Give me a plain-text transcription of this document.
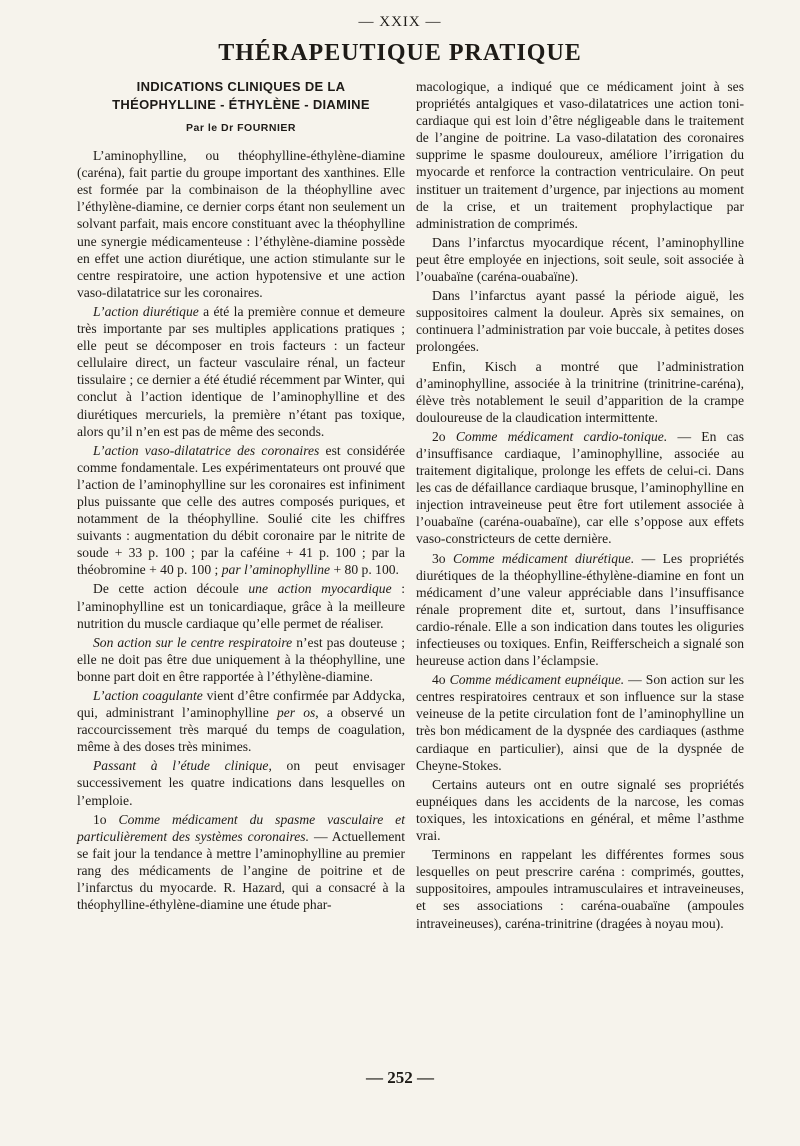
— XXIX —
THÉRAPEUTIQUE PRATIQUE
INDICATIONS CLINIQUES DE LA
THÉOPHYLLINE - ÉTHYLÈNE - DIAMINE
Par le Dr FOURNIER

L’aminophylline, ou théophylline-éthylène-diamine (caréna), fait partie du groupe important des xanthines. Elle est formée par la combinaison de la théophylline avec l’éthylène-diamine, ce dernier corps étant non seulement un solvant parfait, mais encore constituant avec la théophylline une synergie médicamenteuse : l’éthylène-diamine possède en effet une action diurétique, une action stimulante sur le centre respiratoire, une action hypotensive et une action vaso-dilatatrice sur les coronaires.

L’action diurétique a été la première connue et demeure très importante par ses multiples applications pratiques ; elle peut se décomposer en trois facteurs : un facteur cellulaire direct, un facteur vasculaire rénal, un facteur tissulaire ; ce dernier a été étudié récemment par Winter, qui conclut à l’action identique de l’aminophylline et des diurétiques mercuriels, la première n’étant pas toxique, alors qu’il n’en est pas de même des seconds.

L’action vaso-dilatatrice des coronaires est considérée comme fondamentale. Les expérimentateurs ont prouvé que l’action de l’aminophylline sur les coronaires est infiniment plus puissante que celle des autres composés puriques, et notamment de la théophylline. Soulié cite les chiffres suivants : augmentation du débit coronaire par le nitrite de soude + 33 p. 100 ; par la caféine + 41 p. 100 ; par la théobromine + 40 p. 100 ; par l’aminophylline + 80 p. 100.

De cette action découle une action myocardique : l’aminophylline est un tonicardiaque, grâce à la meilleure nutrition du muscle cardiaque qu’elle permet de réaliser.

Son action sur le centre respiratoire n’est pas douteuse ; elle ne doit pas être due uniquement à la théophylline, une bonne part doit en être rapportée à l’éthylène-diamine.

L’action coagulante vient d’être confirmée par Addycka, qui, administrant l’aminophylline per os, a observé un raccourcissement très marqué du temps de coagulation, même à des doses très minimes.

Passant à l’étude clinique, on peut envisager successivement les quatre indications dans lesquelles on l’emploie.

1o Comme médicament du spasme vasculaire et particulièrement des systèmes coronaires. — Actuellement se fait jour la tendance à mettre l’aminophylline au premier rang des médicaments de l’angine de poitrine et de l’infarctus du myocarde. R. Hazard, qui a consacré à la théophylline-éthylène-diamine une étude phar-

macologique, a indiqué que ce médicament joint à ses propriétés antalgiques et vaso-dilatatrices une action toni-cardiaque qui est loin d’être négligeable dans le traitement de l’angine de poitrine. La vaso-dilatation des coronaires supprime le spasme douloureux, améliore l’irrigation du myocarde et renforce la contraction ventriculaire. On peut instituer un traitement d’urgence, par injections au moment de la crise, et un traitement prophylactique par administration de comprimés.

Dans l’infarctus myocardique récent, l’aminophylline peut être employée en injections, soit seule, soit associée à l’ouabaïne (caréna-ouabaïne).

Dans l’infarctus ayant passé la période aiguë, les suppositoires calment la douleur. Après six semaines, on continuera l’administration par voie buccale, à petites doses prolongées.

Enfin, Kisch a montré que l’administration d’aminophylline, associée à la trinitrine (trinitrine-caréna), élève très notablement le seuil d’apparition de la crampe douloureuse de la claudication intermittente.

2o Comme médicament cardio-tonique. — En cas d’insuffisance cardiaque, l’aminophylline, associée au traitement digitalique, prolonge les effets de celui-ci. Dans les cas de défaillance cardiaque brusque, l’aminophylline en injection intraveineuse peut être fort utilement associée à l’ouabaïne (caréna-ouabaïne), car elle s’oppose aux effets vaso-constricteurs de cette dernière.

3o Comme médicament diurétique. — Les propriétés diurétiques de la théophylline-éthylène-diamine en font un médicament d’une valeur appréciable dans l’insuffisance rénale proprement dite et, surtout, dans l’insuffisance cardio-rénale. Elle a son indication dans toutes les oliguries infectieuses ou toxiques. Enfin, Reifferscheich a signalé son heureuse action dans l’éclampsie.

4o Comme médicament eupnéique. — Son action sur les centres respiratoires centraux et son influence sur la stase veineuse de la petite circulation font de l’aminophylline un très bon médicament de la dyspnée des cardiaques (asthme cardiaque en particulier), ainsi que de la dyspnée de Cheyne-Stokes.

Certains auteurs ont en outre signalé ses propriétés eupnéiques dans les accidents de la narcose, les comas toxiques, les intoxications en général, et même l’asthme vrai.

Terminons en rappelant les différentes formes sous lesquelles on peut prescrire caréna : comprimés, gouttes, suppositoires, ampoules intramusculaires et intraveineuses, et ses associations : caréna-ouabaïne (ampoules intraveineuses), caréna-trinitrine (dragées à noyau mou).

— 252 —
